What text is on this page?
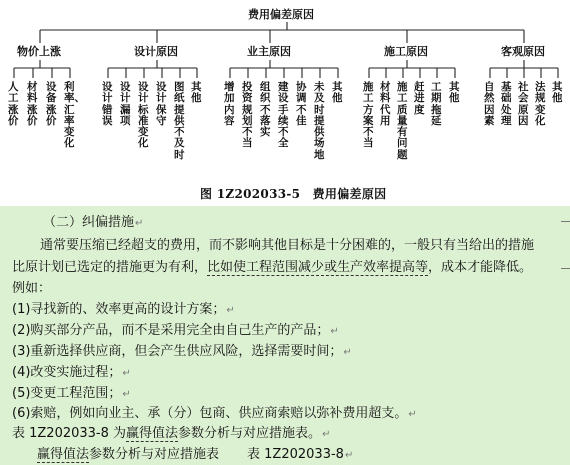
费用偏差原因
物价上涨	设计原因	业主原因	施工原因	客观原因
人工涨价
材料涨价
设备涨价
利率、汇率变化
设计错误
设计漏项
设计标准变化
设计保守
图纸提供不及时
其他
增加内容
投资规划不当
组织不落实
建设手续不全
协调不佳
未及时提供场地
其他
施工方案不当
材料代用
施工质量有问题
赶进度
工期拖延
其他
自然因素
基础处理
社会原因
法规变化
其他
图 1Z202033-5　费用偏差原因
（二）纠偏措施↵
通常要压缩已经超支的费用，而不影响其他目标是十分困难的，一般只有当给出的措施
比原计划已选定的措施更为有利，比如使工程范围减少或生产效率提高等，成本才能降低。
例如：
(1)寻找新的、效率更高的设计方案；↵
(2)购买部分产品，而不是采用完全由自己生产的产品；↵
(3)重新选择供应商，但会产生供应风险，选择需要时间；↵
(4)改变实施过程；↵
(5)变更工程范围；↵
(6)索赔，例如向业主、承（分）包商、供应商索赔以弥补费用超支。↵
表 1Z202033-8 为赢得值法参数分析与对应措施表。↵
赢得值法参数分析与对应措施表 表 1Z202033-8↵
